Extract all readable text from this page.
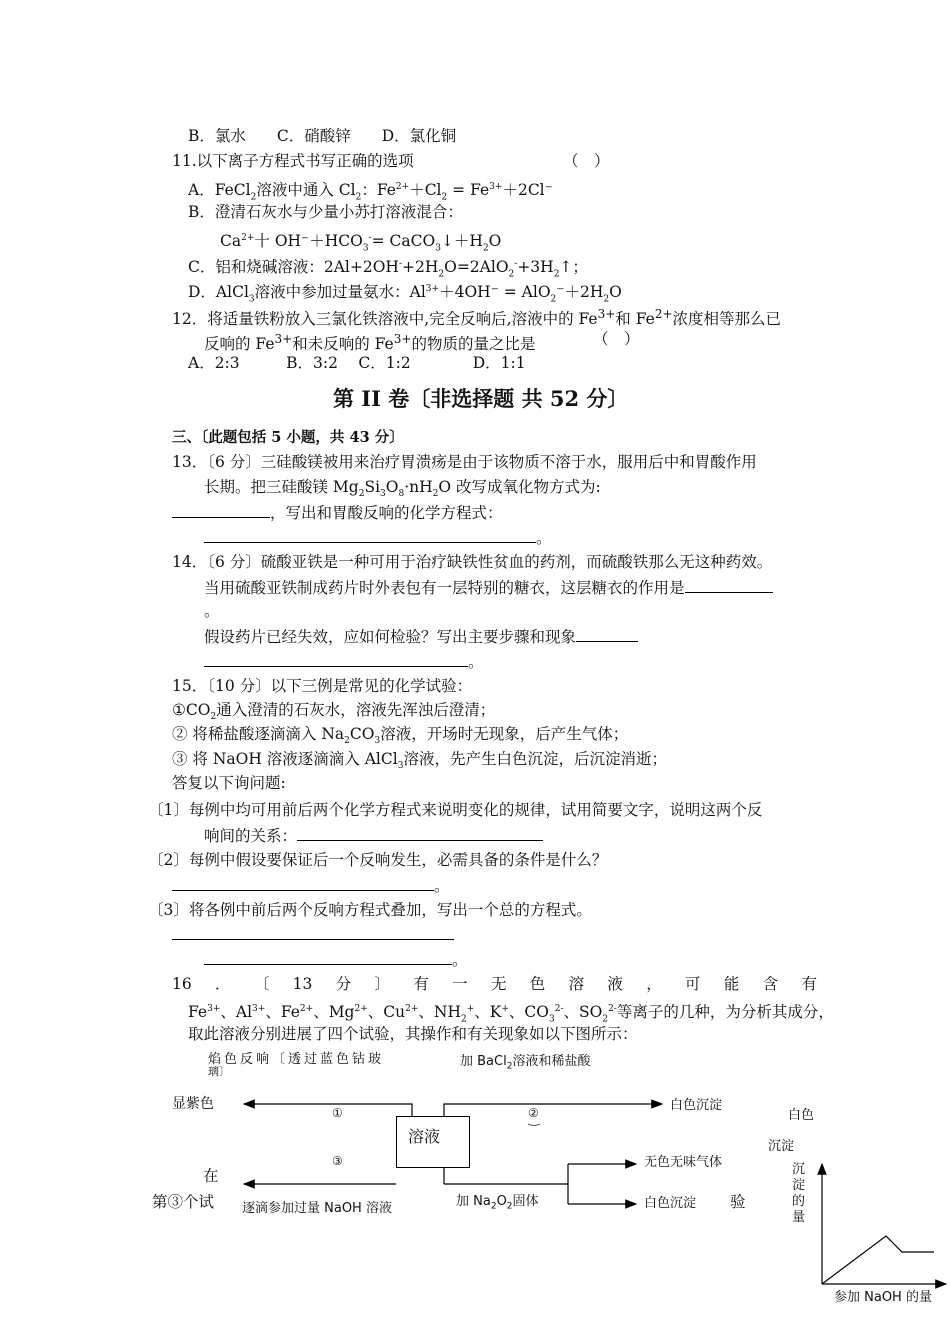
B．氯水　　C．硝酸锌　　D．氯化铜
11.以下离子方程式书写正确的选项	（　）
A．FeCl$_2$溶液中通入 $Cl_2$：$Fe^{2+}+Cl_2 = Fe^{3+}+2Cl^-$
B．澄清石灰水与少量小苏打溶液混合：
$Ca^{2+}$十 $OH^-+HCO_3^-=$ $CaCO_3↓+H_2O$
C．铝和烧碱溶液：$2Al+2OH^-+2H_2O=2AlO_2^-+3H_2↑$；
D．AlCl$_3$溶液中参加过量氨水：$Al^{3+}+4OH^- = AlO_2^-+2H_2O$
12．将适量铁粉放入三氯化铁溶液中,完全反响后,溶液中的 $Fe^{3+}$和 $Fe^{2+}$浓度相等那么已
反响的 $Fe^{3+}$和未反响的 $Fe^{3+}$的物质的量之比是	（　）
A．2:3　　　B．3:2　 C．1:2　　　　D．1:1
第 II 卷〔非选择题 共 52 分〕
三、〔此题包括 5 小题，共 43 分〕
13．〔6 分〕三硅酸镁被用来治疗胃溃疡是由于该物质不溶于水，服用后中和胃酸作用
长期。把三硅酸镁 $Mg_2Si_3O_8\cdot nH_2O$ 改写成氧化物方式为:
，写出和胃酸反响的化学方程式：
。
14．〔6 分〕硫酸亚铁是一种可用于治疗缺铁性贫血的药剂，而硫酸铁那么无这种药效。
当用硫酸亚铁制成药片时外表包有一层特别的糖衣，这层糖衣的作用是
。
假设药片已经失效，应如何检验？写出主要步骤和现象
。
15．〔10 分〕以下三例是常见的化学试验：
$①CO_2$通入澄清的石灰水，溶液先浑浊后澄清；
② 将稀盐酸逐滴滴入 $Na_2CO_3$溶液，开场时无现象，后产生气体；
③ 将 NaOH 溶液逐滴滴入 AlCl$_3$溶液，先产生白色沉淀，后沉淀消逝；
答复以下询问题:
〔1〕每例中均可用前后两个化学方程式来说明变化的规律，试用简要文字，说明这两个反
响间的关系：
〔2〕每例中假设要保证后一个反响发生，必需具备的条件是什么？
。
〔3〕将各例中前后两个反响方程式叠加，写出一个总的方程式。
。
16 ． 〔 13 分 〕 有 一 无 色 溶 液 ， 可 能 含 有
$Fe^{3+}$、$Al^{3+}$、$Fe^{2+}$、$Mg^{2+}$、$Cu^{2+}$、$NH_2^+$、K+、$CO_3^{2-}$、$SO_2^{2-}$等离子的几种，为分析其成分，
取此溶液分别进展了四个试验，其操作和有关现象如以下图所示：
溶液
焰色反响〔透过蓝色钴玻
璃〕
加 BaCl$_2$溶液和稀盐酸
显紫色	白色沉淀
①	②
③	无色无味气体
白色沉淀
加 $Na_2O_2$固体
逐滴参加过量 NaOH 溶液
在
第③个试	验
白色
沉淀
沉
淀
的
量
参加 NaOH 的量
